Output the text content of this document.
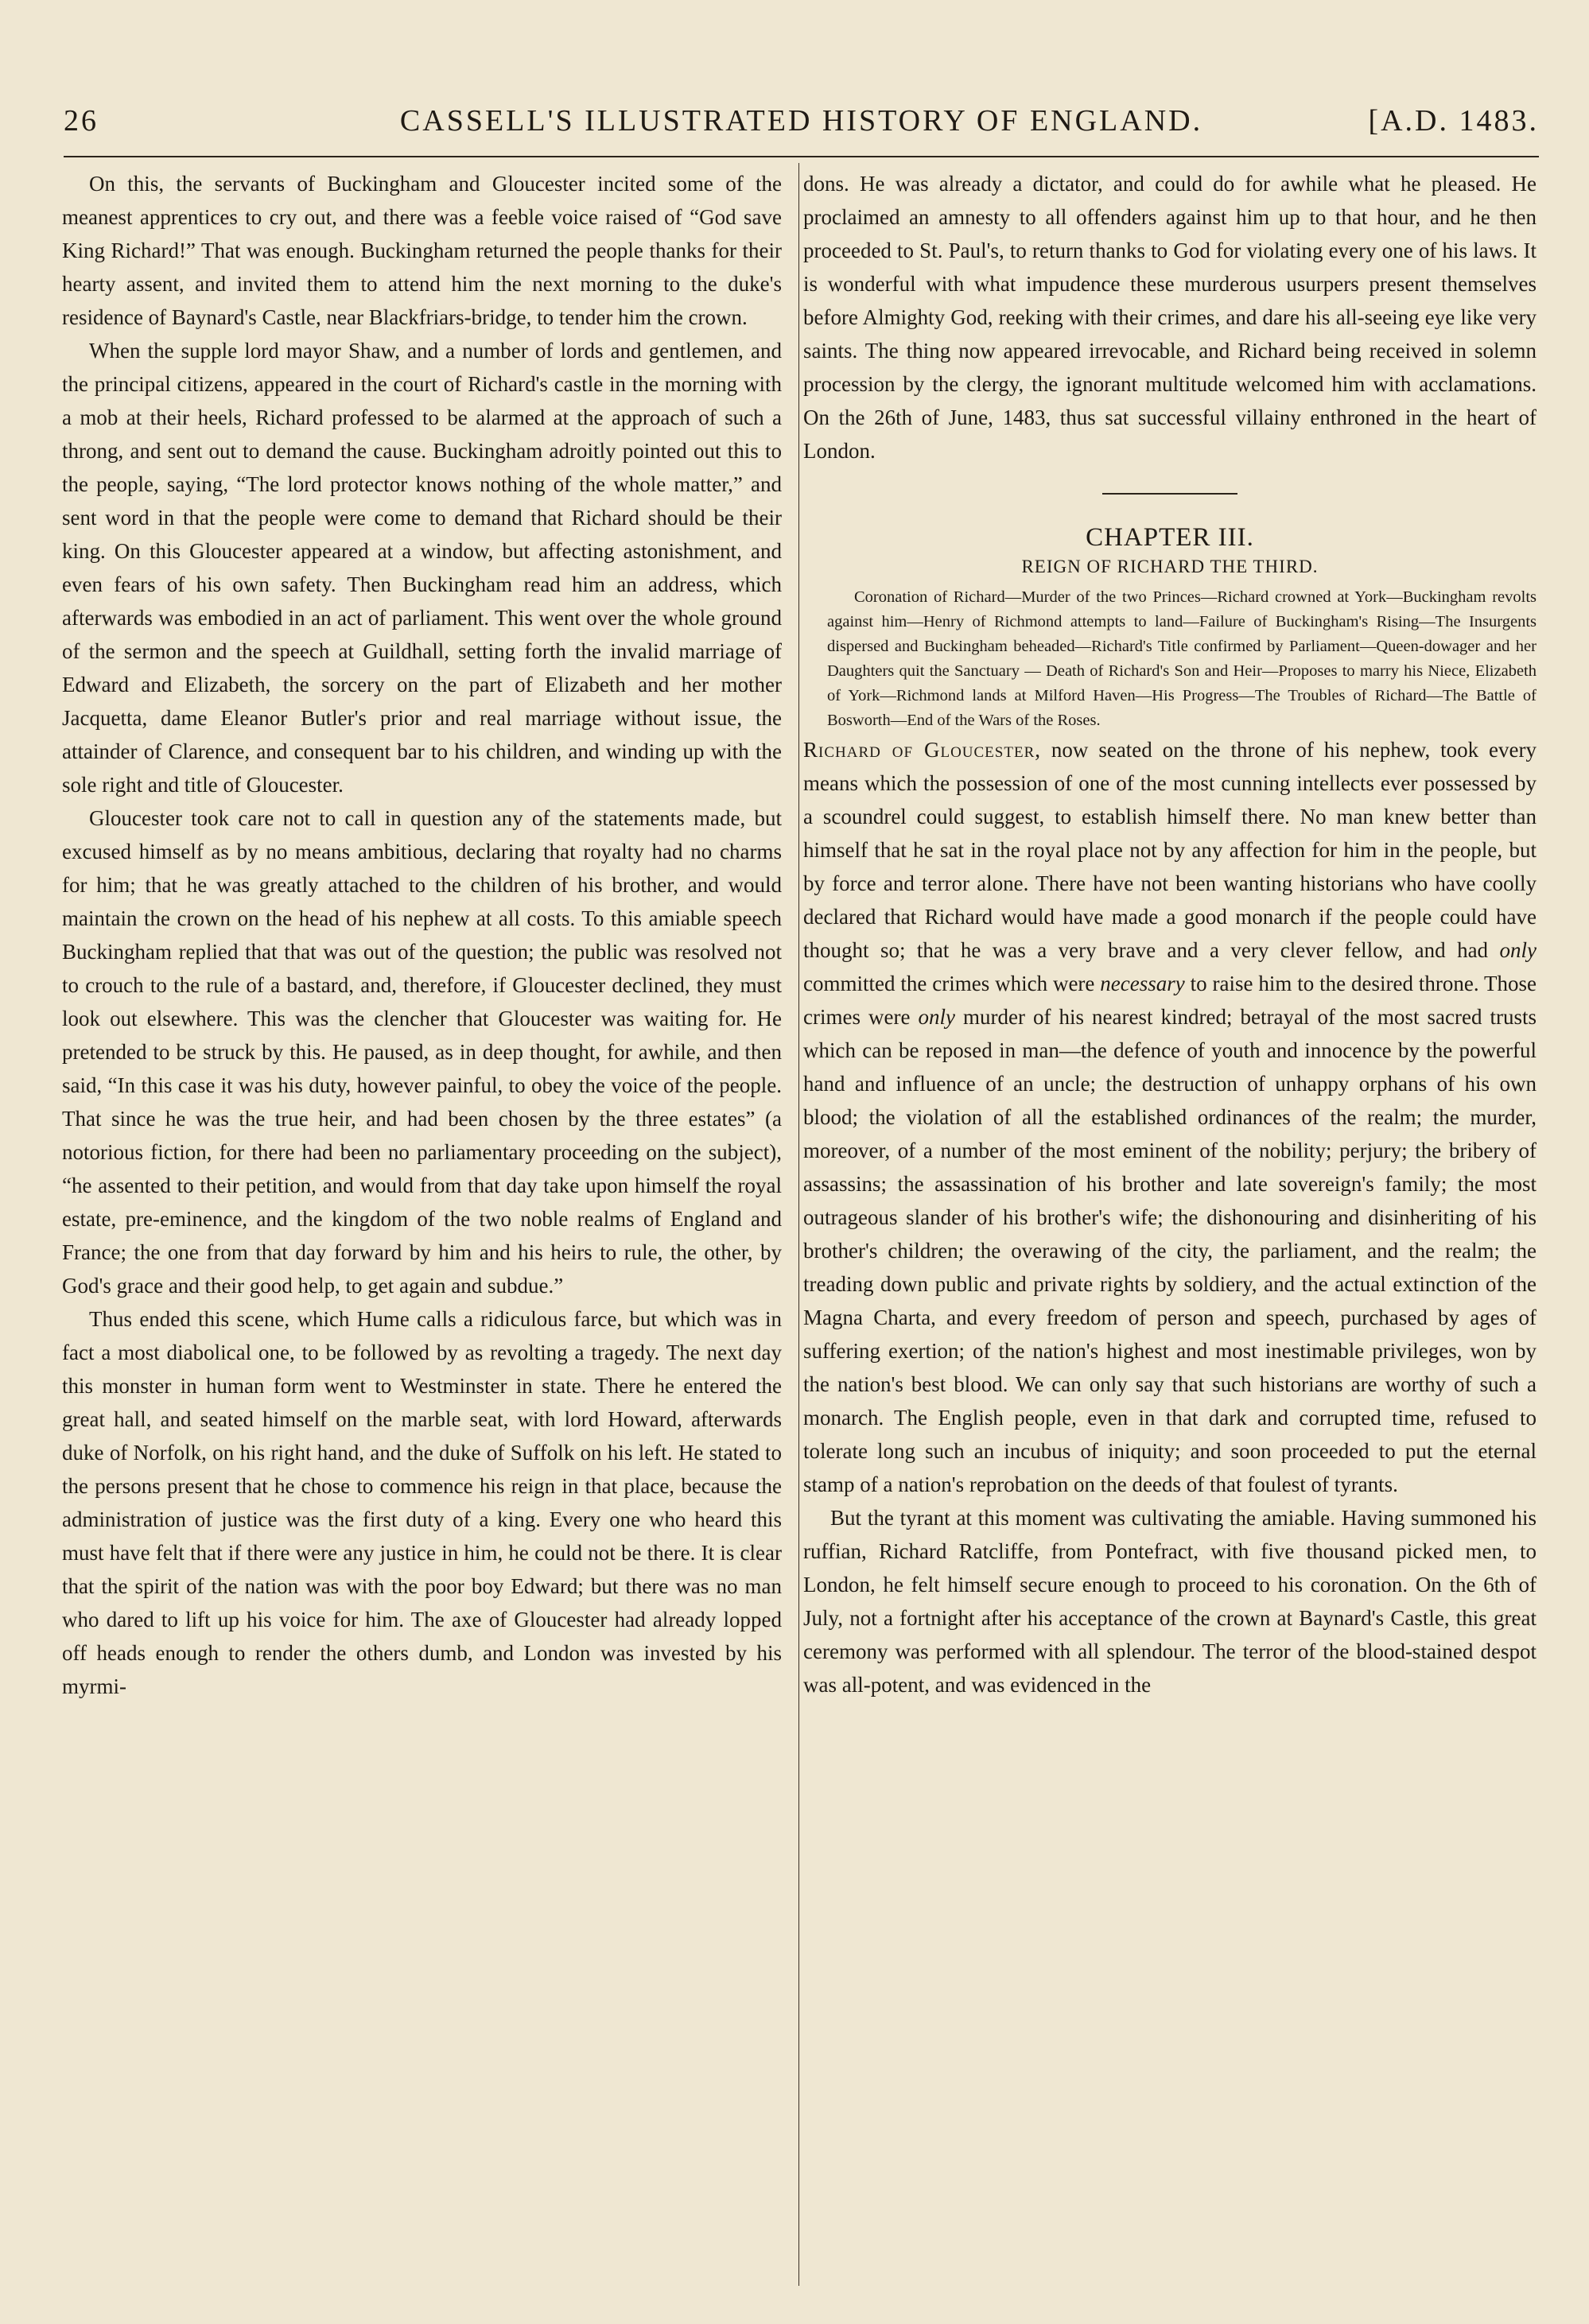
26	CASSELL'S ILLUSTRATED HISTORY OF ENGLAND.	[A.D. 1483.

On this, the servants of Buckingham and Gloucester incited some of the meanest apprentices to cry out, and there was a feeble voice raised of “God save King Richard!” That was enough. Buckingham returned the people thanks for their hearty assent, and invited them to attend him the next morning to the duke's residence of Baynard's Castle, near Blackfriars-bridge, to tender him the crown.

When the supple lord mayor Shaw, and a number of lords and gentlemen, and the principal citizens, appeared in the court of Richard's castle in the morning with a mob at their heels, Richard professed to be alarmed at the approach of such a throng, and sent out to demand the cause. Buckingham adroitly pointed out this to the people, saying, “The lord protector knows nothing of the whole matter,” and sent word in that the people were come to demand that Richard should be their king. On this Gloucester appeared at a window, but affecting astonishment, and even fears of his own safety. Then Buckingham read him an address, which afterwards was embodied in an act of parliament. This went over the whole ground of the sermon and the speech at Guildhall, setting forth the invalid marriage of Edward and Elizabeth, the sorcery on the part of Elizabeth and her mother Jacquetta, dame Eleanor Butler's prior and real marriage without issue, the attainder of Clarence, and consequent bar to his children, and winding up with the sole right and title of Gloucester.

Gloucester took care not to call in question any of the statements made, but excused himself as by no means ambitious, declaring that royalty had no charms for him; that he was greatly attached to the children of his brother, and would maintain the crown on the head of his nephew at all costs. To this amiable speech Buckingham replied that that was out of the question; the public was resolved not to crouch to the rule of a bastard, and, therefore, if Gloucester declined, they must look out elsewhere. This was the clencher that Gloucester was waiting for. He pretended to be struck by this. He paused, as in deep thought, for awhile, and then said, “In this case it was his duty, however painful, to obey the voice of the people. That since he was the true heir, and had been chosen by the three estates” (a notorious fiction, for there had been no parliamentary proceeding on the subject), “he assented to their petition, and would from that day take upon himself the royal estate, pre-eminence, and the kingdom of the two noble realms of England and France; the one from that day forward by him and his heirs to rule, the other, by God's grace and their good help, to get again and subdue.”

Thus ended this scene, which Hume calls a ridiculous farce, but which was in fact a most diabolical one, to be followed by as revolting a tragedy. The next day this monster in human form went to Westminster in state. There he entered the great hall, and seated himself on the marble seat, with lord Howard, afterwards duke of Norfolk, on his right hand, and the duke of Suffolk on his left. He stated to the persons present that he chose to commence his reign in that place, because the administration of justice was the first duty of a king. Every one who heard this must have felt that if there were any justice in him, he could not be there. It is clear that the spirit of the nation was with the poor boy Edward; but there was no man who dared to lift up his voice for him. The axe of Gloucester had already lopped off heads enough to render the others dumb, and London was invested by his myrmi-

dons. He was already a dictator, and could do for awhile what he pleased. He proclaimed an amnesty to all offenders against him up to that hour, and he then proceeded to St. Paul's, to return thanks to God for violating every one of his laws. It is wonderful with what impudence these murderous usurpers present themselves before Almighty God, reeking with their crimes, and dare his all-seeing eye like very saints. The thing now appeared irrevocable, and Richard being received in solemn procession by the clergy, the ignorant multitude welcomed him with acclamations. On the 26th of June, 1483, thus sat successful villainy enthroned in the heart of London.

CHAPTER III.
REIGN OF RICHARD THE THIRD.

Coronation of Richard—Murder of the two Princes—Richard crowned at York—Buckingham revolts against him—Henry of Richmond attempts to land—Failure of Buckingham's Rising—The Insurgents dispersed and Buckingham beheaded—Richard's Title confirmed by Parliament—Queen-dowager and her Daughters quit the Sanctuary — Death of Richard's Son and Heir—Proposes to marry his Niece, Elizabeth of York—Richmond lands at Milford Haven—His Progress—The Troubles of Richard—The Battle of Bosworth—End of the Wars of the Roses.

Richard of Gloucester, now seated on the throne of his nephew, took every means which the possession of one of the most cunning intellects ever possessed by a scoundrel could suggest, to establish himself there. No man knew better than himself that he sat in the royal place not by any affection for him in the people, but by force and terror alone. There have not been wanting historians who have coolly declared that Richard would have made a good monarch if the people could have thought so; that he was a very brave and a very clever fellow, and had only committed the crimes which were necessary to raise him to the desired throne. Those crimes were only murder of his nearest kindred; betrayal of the most sacred trusts which can be reposed in man—the defence of youth and innocence by the powerful hand and influence of an uncle; the destruction of unhappy orphans of his own blood; the violation of all the established ordinances of the realm; the murder, moreover, of a number of the most eminent of the nobility; perjury; the bribery of assassins; the assassination of his brother and late sovereign's family; the most outrageous slander of his brother's wife; the dishonouring and disinheriting of his brother's children; the overawing of the city, the parliament, and the realm; the treading down public and private rights by soldiery, and the actual extinction of the Magna Charta, and every freedom of person and speech, purchased by ages of suffering exertion; of the nation's highest and most inestimable privileges, won by the nation's best blood. We can only say that such historians are worthy of such a monarch. The English people, even in that dark and corrupted time, refused to tolerate long such an incubus of iniquity; and soon proceeded to put the eternal stamp of a nation's reprobation on the deeds of that foulest of tyrants.

But the tyrant at this moment was cultivating the amiable. Having summoned his ruffian, Richard Ratcliffe, from Pontefract, with five thousand picked men, to London, he felt himself secure enough to proceed to his coronation. On the 6th of July, not a fortnight after his acceptance of the crown at Baynard's Castle, this great ceremony was performed with all splendour. The terror of the blood-stained despot was all-potent, and was evidenced in the
